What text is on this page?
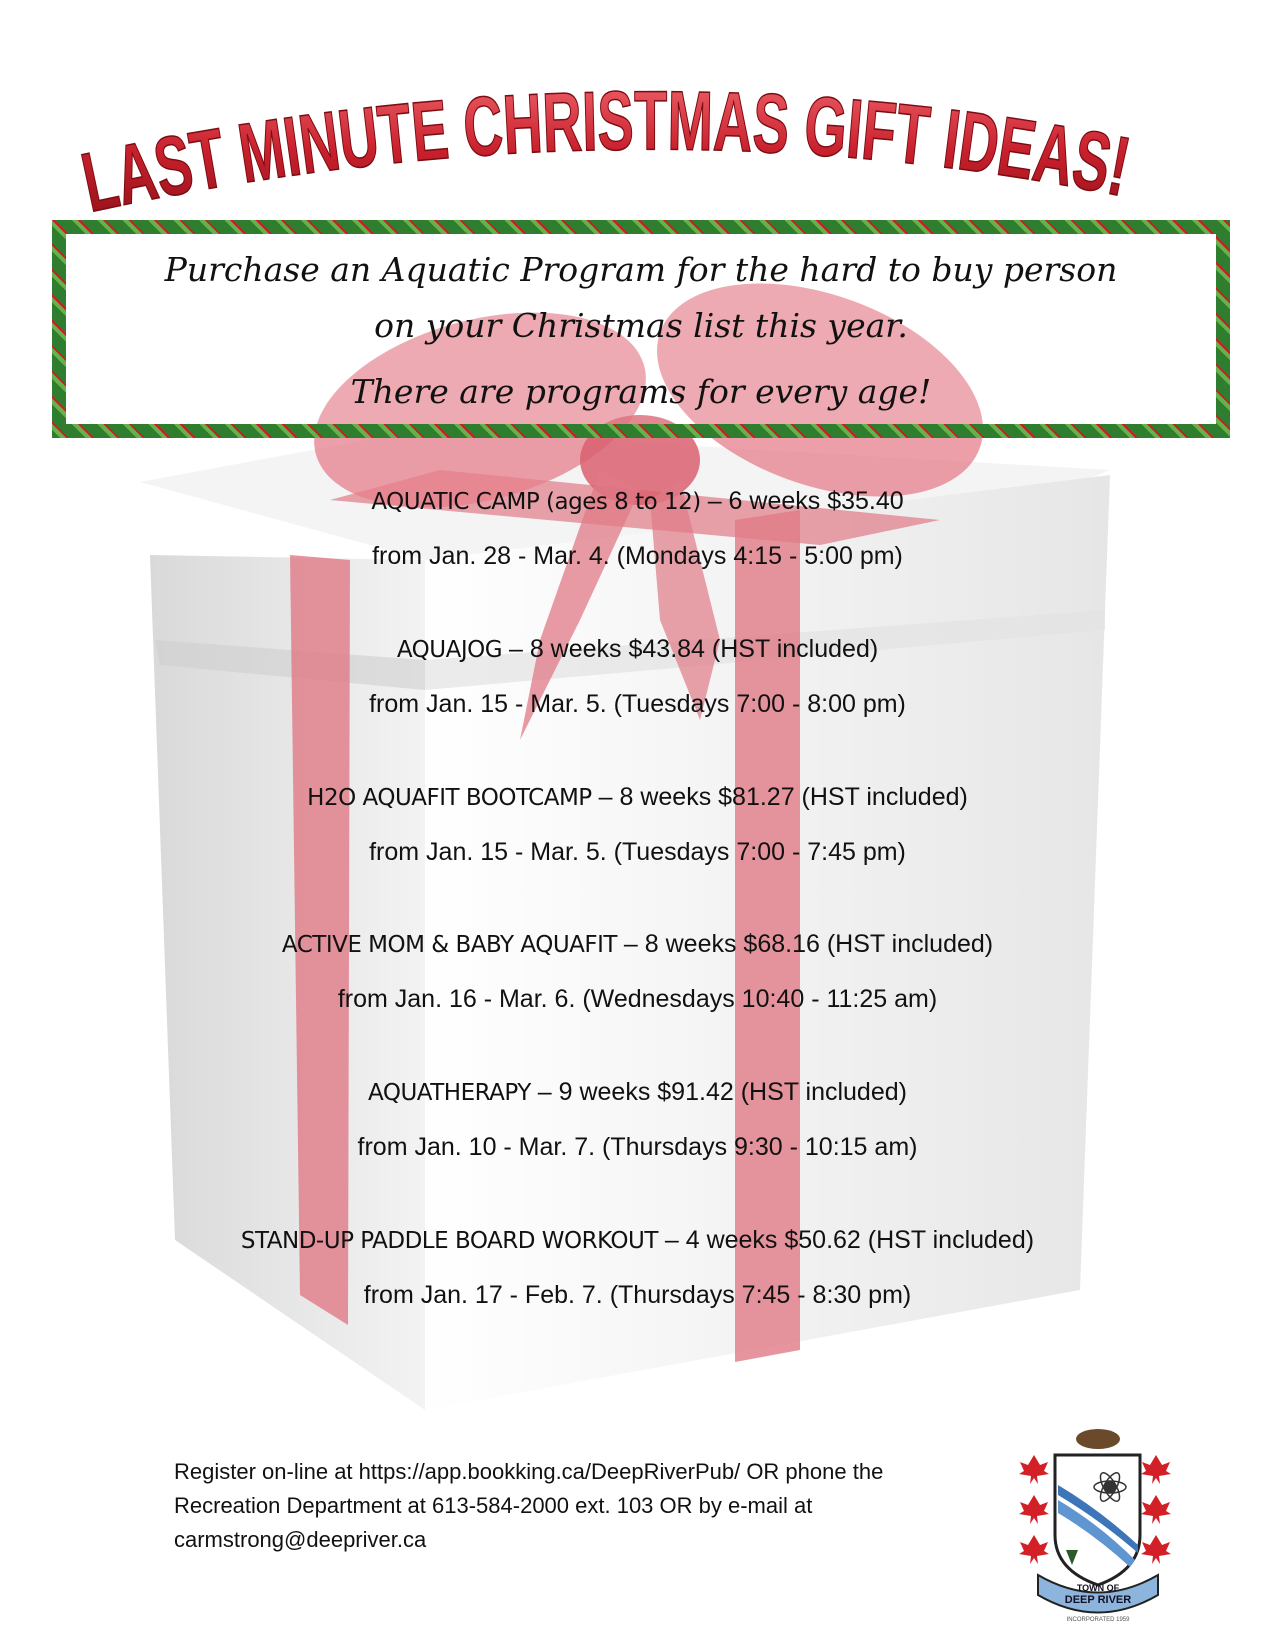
LAST MINUTE CHRISTMAS GIFT IDEAS!
Purchase an Aquatic Program for the hard to buy person
on your Christmas list this year.
There are programs for every age!
AQUATIC CAMP (ages 8 to 12) – 6 weeks $35.40
from Jan. 28 - Mar. 4. (Mondays 4:15 - 5:00 pm)
AQUAJOG – 8 weeks $43.84 (HST included)
from Jan. 15 - Mar. 5. (Tuesdays 7:00 - 8:00 pm)
H2O AQUAFIT BOOTCAMP – 8 weeks $81.27 (HST included)
from Jan. 15 - Mar. 5. (Tuesdays 7:00 - 7:45 pm)
ACTIVE MOM & BABY AQUAFIT – 8 weeks $68.16 (HST included)
from Jan. 16 - Mar. 6. (Wednesdays 10:40 - 11:25 am)
AQUATHERAPY – 9 weeks $91.42 (HST included)
from Jan. 10 - Mar. 7. (Thursdays 9:30 - 10:15 am)
STAND-UP PADDLE BOARD WORKOUT – 4 weeks $50.62 (HST included)
from Jan. 17 - Feb. 7. (Thursdays 7:45 - 8:30 pm)
Register on-line at https://app.bookking.ca/DeepRiverPub/ OR phone the
Recreation Department at 613-584-2000 ext. 103 OR by e-mail at
carmstrong@deepriver.ca
TOWN OF
DEEP RIVER
INCORPORATED 1959
